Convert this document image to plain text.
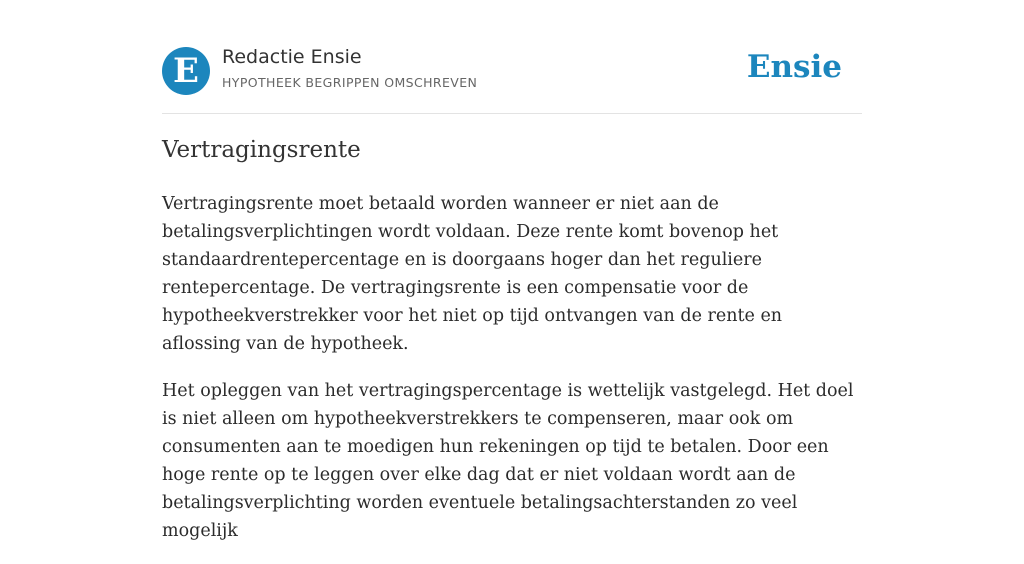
E	Redactie Ensie
HYPOTHEEK BEGRIPPEN OMSCHREVEN	Ensie
Vertragingsrente

Vertragingsrente moet betaald worden wanneer er niet aan de betalingsverplichtingen wordt voldaan. Deze rente komt bovenop het standaardrentepercentage en is doorgaans hoger dan het reguliere rentepercentage. De vertragingsrente is een compensatie voor de hypotheekverstrekker voor het niet op tijd ontvangen van de rente en aflossing van de hypotheek.

Het opleggen van het vertragingspercentage is wettelijk vastgelegd. Het doel is niet alleen om hypotheekverstrekkers te compenseren, maar ook om consumenten aan te moedigen hun rekeningen op tijd te betalen. Door een hoge rente op te leggen over elke dag dat er niet voldaan wordt aan de betalingsverplichting worden eventuele betalingsachterstanden zo veel mogelijk
